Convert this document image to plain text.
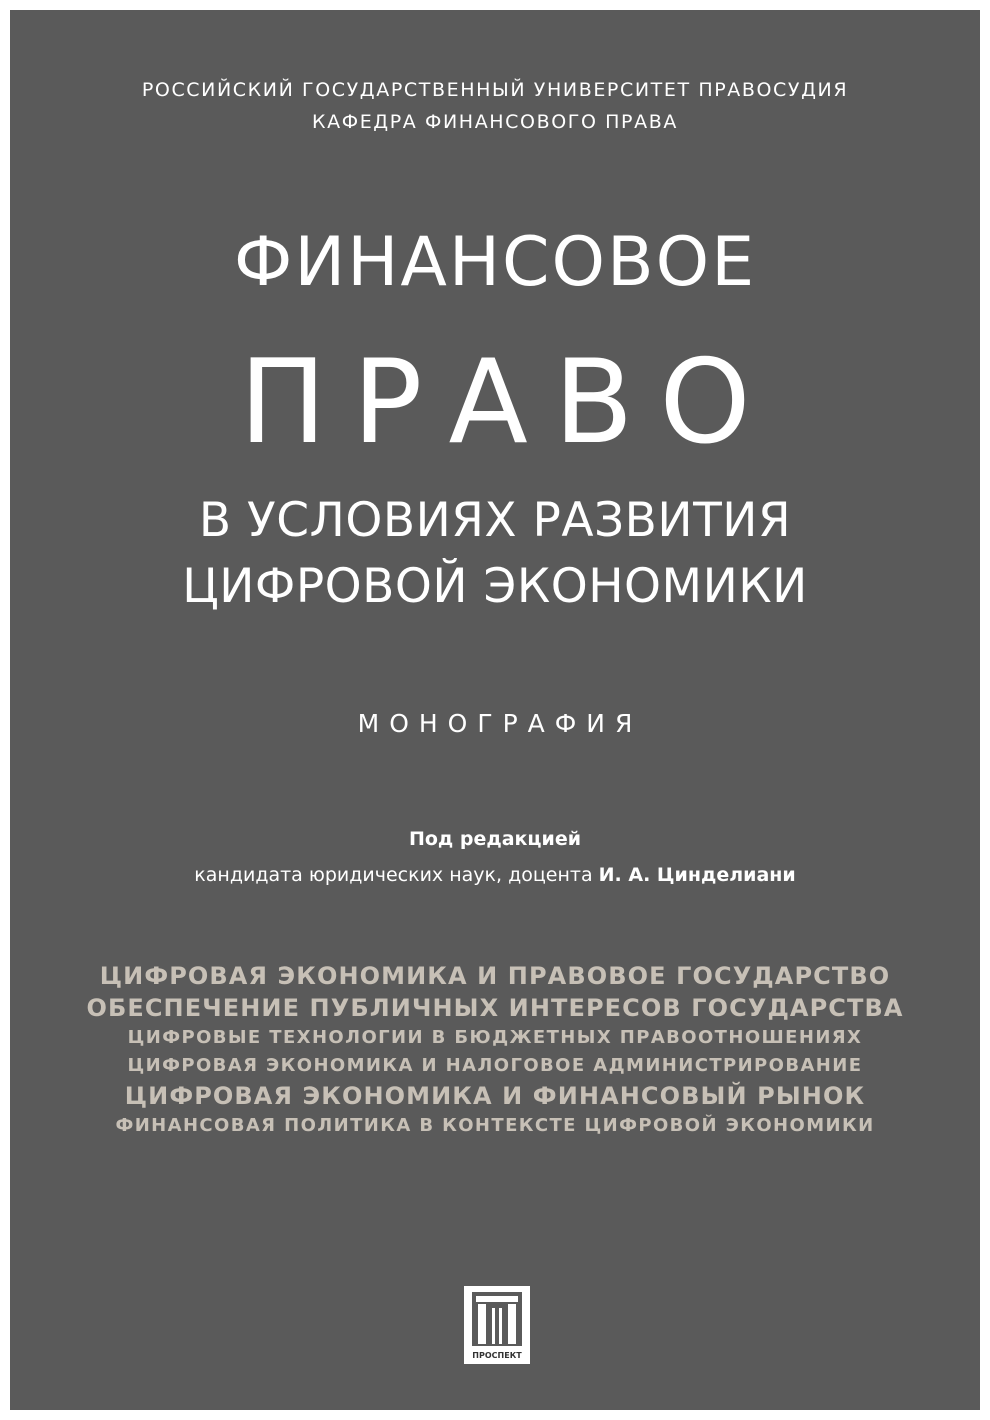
РОССИЙСКИЙ ГОСУДАРСТВЕННЫЙ УНИВЕРСИТЕТ ПРАВОСУДИЯ
КАФЕДРА ФИНАНСОВОГО ПРАВА
ФИНАНСОВОЕ
ПРАВО
В УСЛОВИЯХ РАЗВИТИЯ
ЦИФРОВОЙ ЭКОНОМИКИ
МОНОГРАФИЯ
Под редакцией
кандидата юридических наук, доцента И. А. Цинделиани
ЦИФРОВАЯ ЭКОНОМИКА И ПРАВОВОЕ ГОСУДАРСТВО
ОБЕСПЕЧЕНИЕ ПУБЛИЧНЫХ ИНТЕРЕСОВ ГОСУДАРСТВА
ЦИФРОВЫЕ ТЕХНОЛОГИИ В БЮДЖЕТНЫХ ПРАВООТНОШЕНИЯХ
ЦИФРОВАЯ ЭКОНОМИКА И НАЛОГОВОЕ АДМИНИСТРИРОВАНИЕ
ЦИФРОВАЯ ЭКОНОМИКА И ФИНАНСОВЫЙ РЫНОК
ФИНАНСОВАЯ ПОЛИТИКА В КОНТЕКСТЕ ЦИФРОВОЙ ЭКОНОМИКИ
ПРОСПЕКТ
